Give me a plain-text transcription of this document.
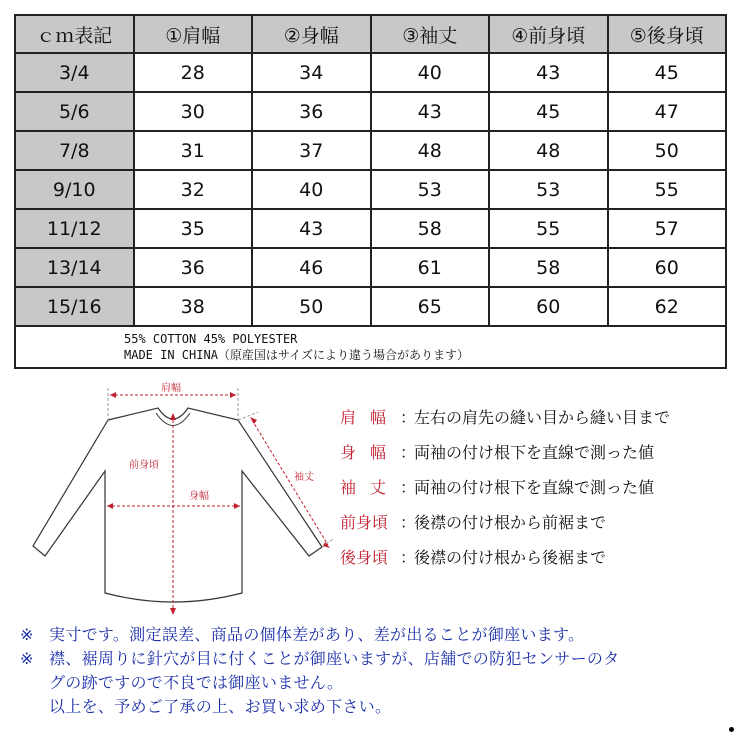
ｃｍ表記	①肩幅	②身幅	③袖丈	④前身頃	⑤後身頃
3/4	28	34	40	43	45
5/6	30	36	43	45	47
7/8	31	37	48	48	50
9/10	32	40	53	53	55
11/12	35	43	58	55	57
13/14	36	46	61	58	60
15/16	38	50	65	60	62

55% COTTON 45% POLYESTER
MADE IN CHINA（原産国はサイズにより違う場合があります）					
肩幅
前身頃
身幅
袖丈
肩幅：左右の肩先の縫い目から縫い目まで
身幅：両袖の付け根下を直線で測った値
袖丈：両袖の付け根下を直線で測った値
前身頃 ：後襟の付け根から前裾まで
後身頃 ：後襟の付け根から後裾まで
※ 実寸です。測定誤差、商品の個体差があり、差が出ることが御座います。
※ 襟、裾周りに針穴が目に付くことが御座いますが、店舗での防犯センサーのタ
グの跡ですので不良では御座いません。
以上を、予めご了承の上、お買い求め下さい。
